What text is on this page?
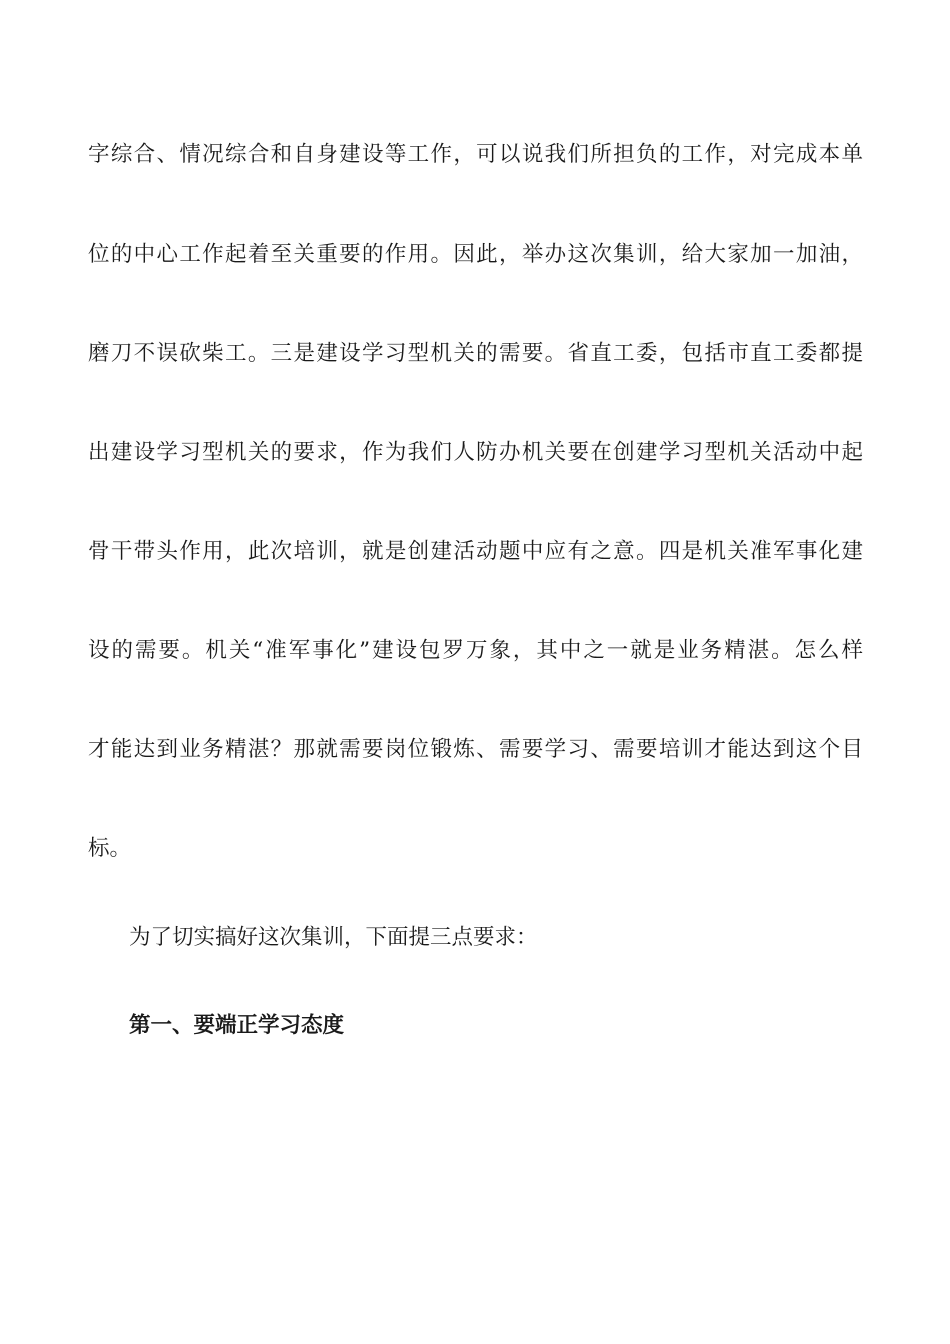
字综合、情况综合和自身建设等工作，可以说我们所担负的工作，对完成本单
位的中心工作起着至关重要的作用。因此，举办这次集训，给大家加一加油，
磨刀不误砍柴工。三是建设学习型机关的需要。省直工委，包括市直工委都提
出建设学习型机关的要求，作为我们人防办机关要在创建学习型机关活动中起
骨干带头作用，此次培训，就是创建活动题中应有之意。四是机关准军事化建
设的需要。机关“准军事化”建设包罗万象，其中之一就是业务精湛。怎么样
才能达到业务精湛？那就需要岗位锻炼、需要学习、需要培训才能达到这个目
标。
为了切实搞好这次集训，下面提三点要求：
第一、要端正学习态度
